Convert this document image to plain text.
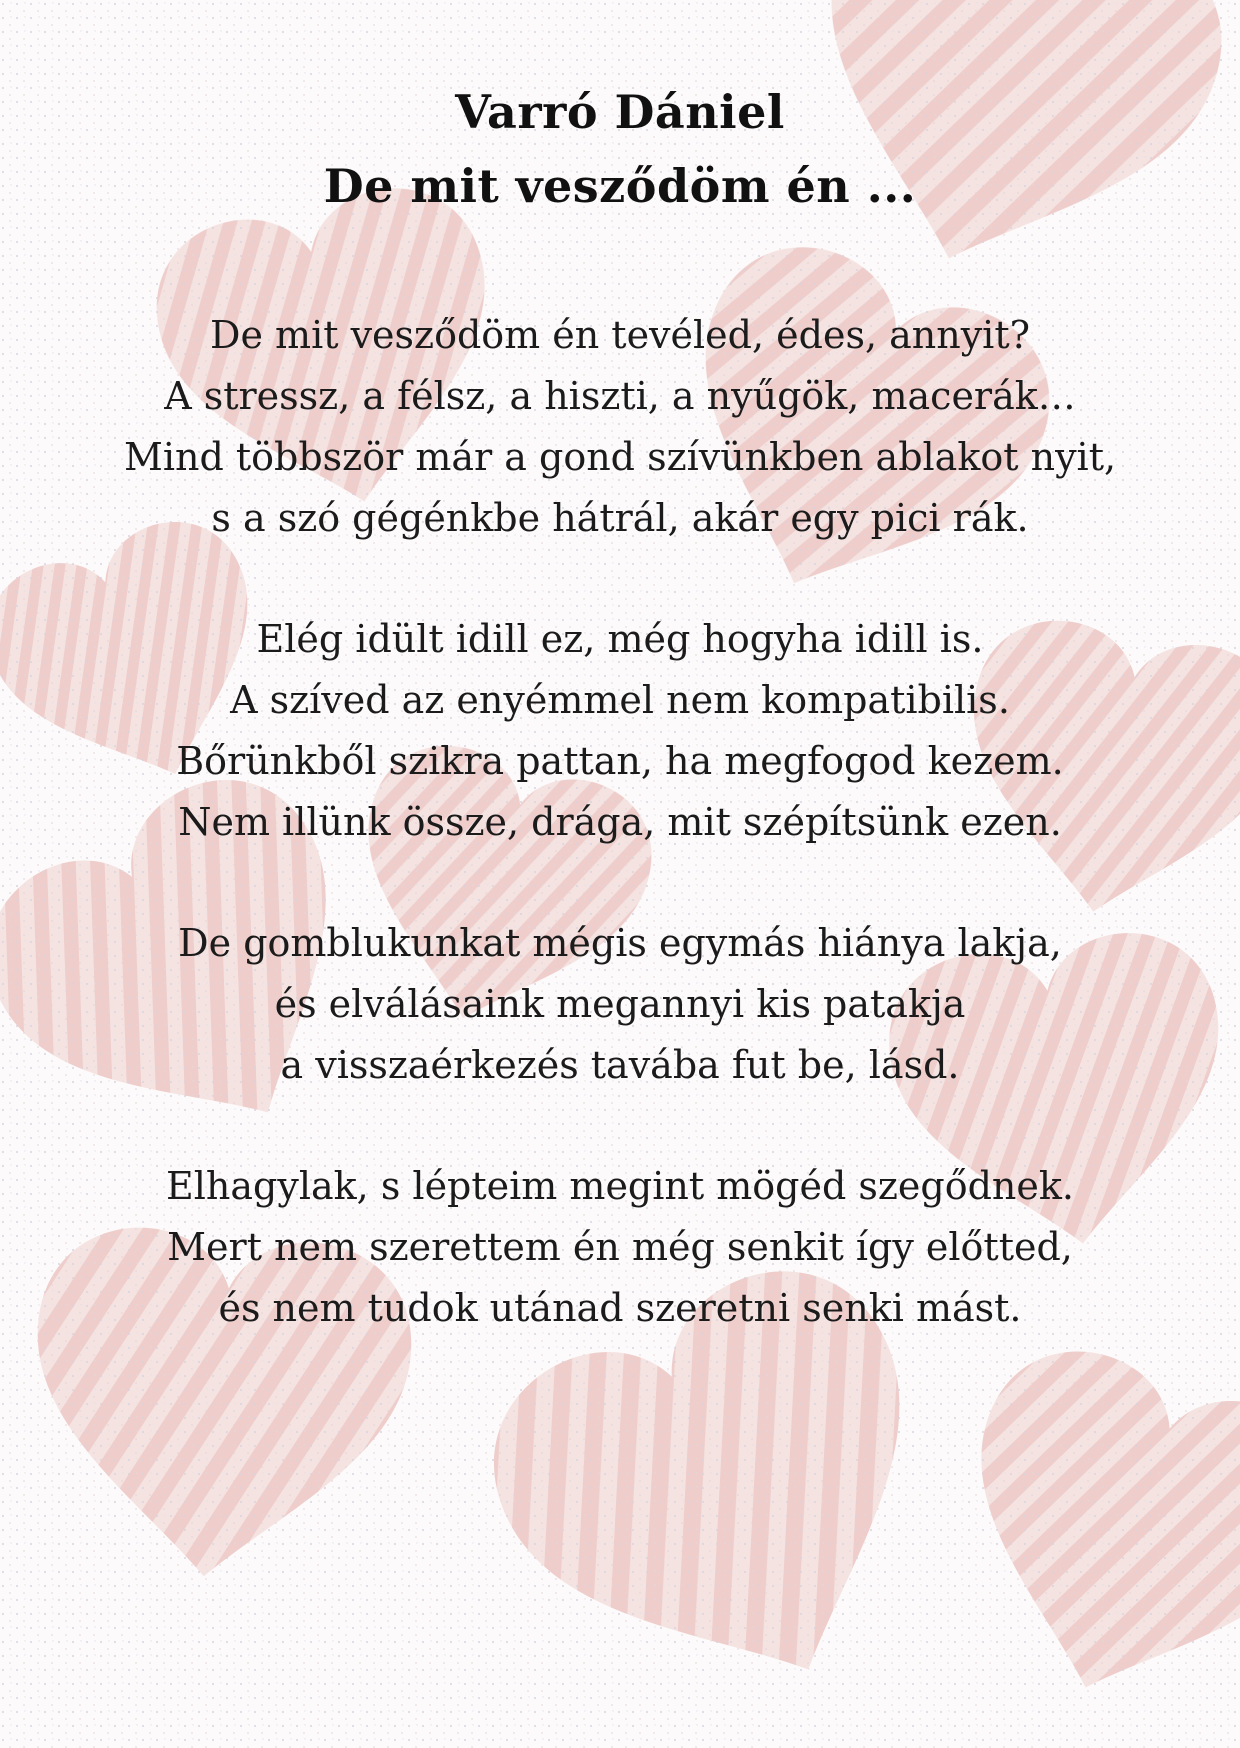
Varró Dániel
De mit vesződöm én ...
De mit vesződöm én tevéled, édes, annyit?
A stressz, a félsz, a hiszti, a nyűgök, macerák…
Mind többször már a gond szívünkben ablakot nyit,
s a szó gégénkbe hátrál, akár egy pici rák.
Elég idült idill ez, még hogyha idill is.
A szíved az enyémmel nem kompatibilis.
Bőrünkből szikra pattan, ha megfogod kezem.
Nem illünk össze, drága, mit szépítsünk ezen.
De gomblukunkat mégis egymás hiánya lakja,
és elválásaink megannyi kis patakja
a visszaérkezés tavába fut be, lásd.
Elhagylak, s lépteim megint mögéd szegődnek.
Mert nem szerettem én még senkit így előtted,
és nem tudok utánad szeretni senki mást.
